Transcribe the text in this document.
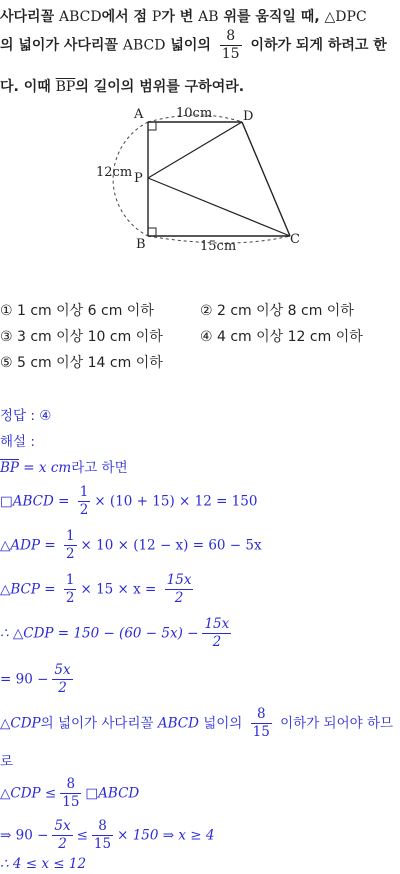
사다리꼴 ABCD에서 점 P가 변 AB 위를 움직일 때, △DPC
의 넓이가 사다리꼴 ABCD 넓이의 $\frac{8}{15}$ 이하가 되게 하려고 한
다. 이때 $\overline{BP}$의 길이의 범위를 구하여라.
A	D
P
B	C
10cm
12cm
15cm
① 1 cm 이상 6 cm 이하	② 2 cm 이상 8 cm 이하
③ 3 cm 이상 10 cm 이하	④ 4 cm 이상 12 cm 이하
⑤ 5 cm 이상 14 cm 이하
정답 : ④
해설 :
$\overline{BP} = x$ cm라고 하면
□ABCD = $\frac{1}{2} \times (10 + 15) \times 12 = 150$
△ADP = $\frac{1}{2} \times 10 \times (12 - x) = 60 - 5x$
△BCP = $\frac{1}{2} \times 15 \times x = \frac{15x}{2}$
∴ △CDP = $150 - (60 - 5x) - \frac{15x}{2}$
= $90 - \frac{5x}{2}$
△CDP의 넓이가 사다리꼴 ABCD 넓이의 $\frac{8}{15}$ 이하가 되어야 하므
로
△CDP ≤ $\frac{8}{15}$ □ABCD
⇒ $90 - \frac{5x}{2} \le \frac{8}{15} \times 150$ ⇒ x ≥ 4
∴ 4 ≤ x ≤ 12
